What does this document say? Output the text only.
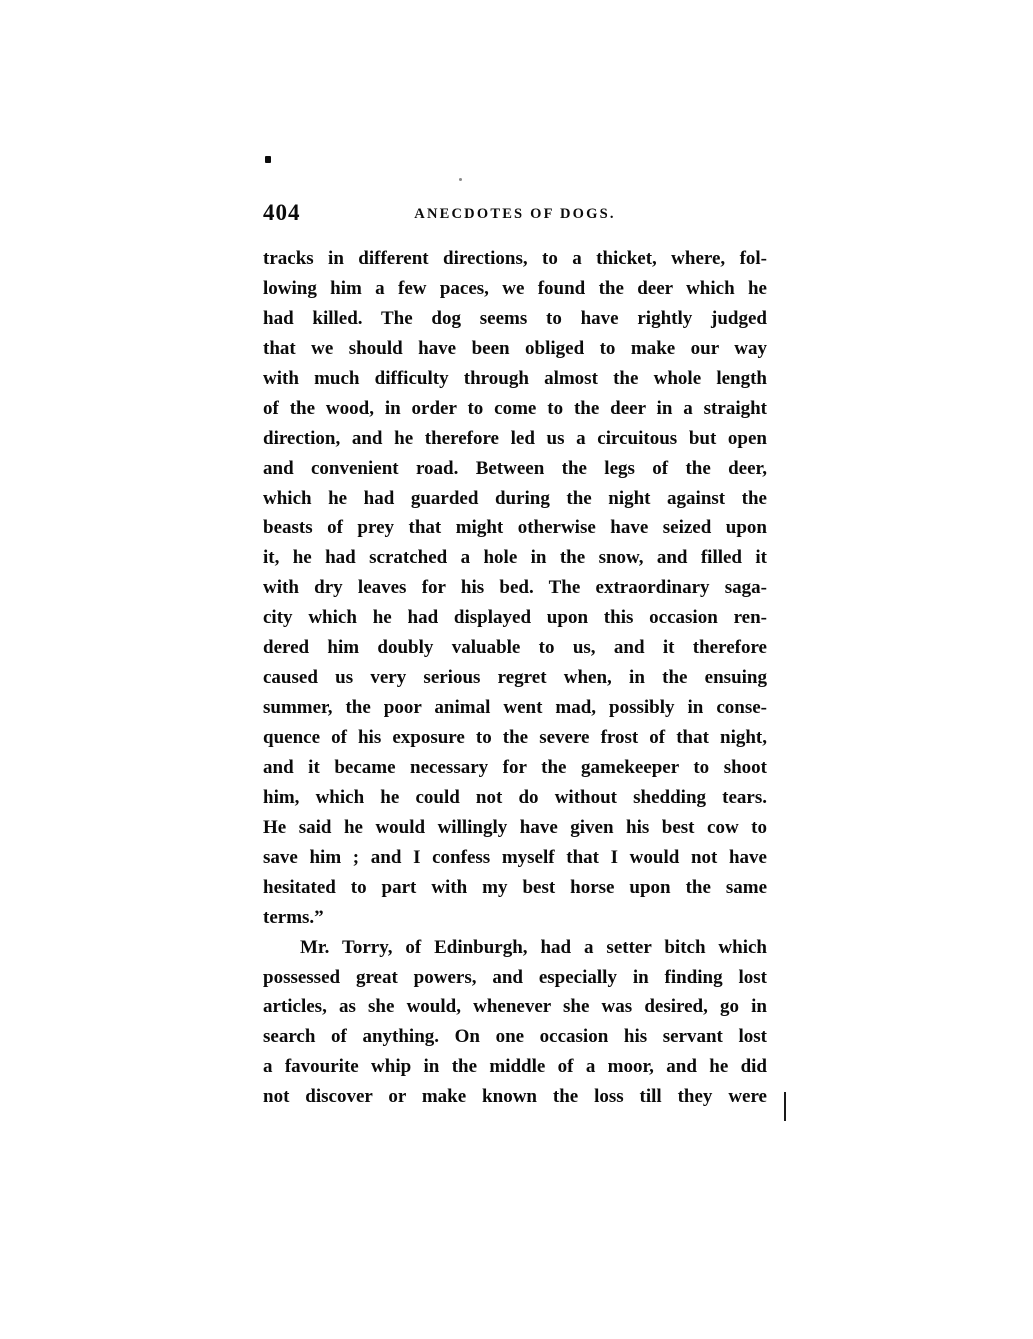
404	ANECDOTES OF DOGS.
tracks in different directions, to a thicket, where, fol-
lowing him a few paces, we found the deer which he
had killed. The dog seems to have rightly judged
that we should have been obliged to make our way
with much difficulty through almost the whole length
of the wood, in order to come to the deer in a straight
direction, and he therefore led us a circuitous but open
and convenient road. Between the legs of the deer,
which he had guarded during the night against the
beasts of prey that might otherwise have seized upon
it, he had scratched a hole in the snow, and filled it
with dry leaves for his bed. The extraordinary saga-
city which he had displayed upon this occasion ren-
dered him doubly valuable to us, and it therefore
caused us very serious regret when, in the ensuing
summer, the poor animal went mad, possibly in conse-
quence of his exposure to the severe frost of that night,
and it became necessary for the gamekeeper to shoot
him, which he could not do without shedding tears.
He said he would willingly have given his best cow to
save him ; and I confess myself that I would not have
hesitated to part with my best horse upon the same
terms.”
Mr. Torry, of Edinburgh, had a setter bitch which
possessed great powers, and especially in finding lost
articles, as she would, whenever she was desired, go in
search of anything. On one occasion his servant lost
a favourite whip in the middle of a moor, and he did
not discover or make known the loss till they were
